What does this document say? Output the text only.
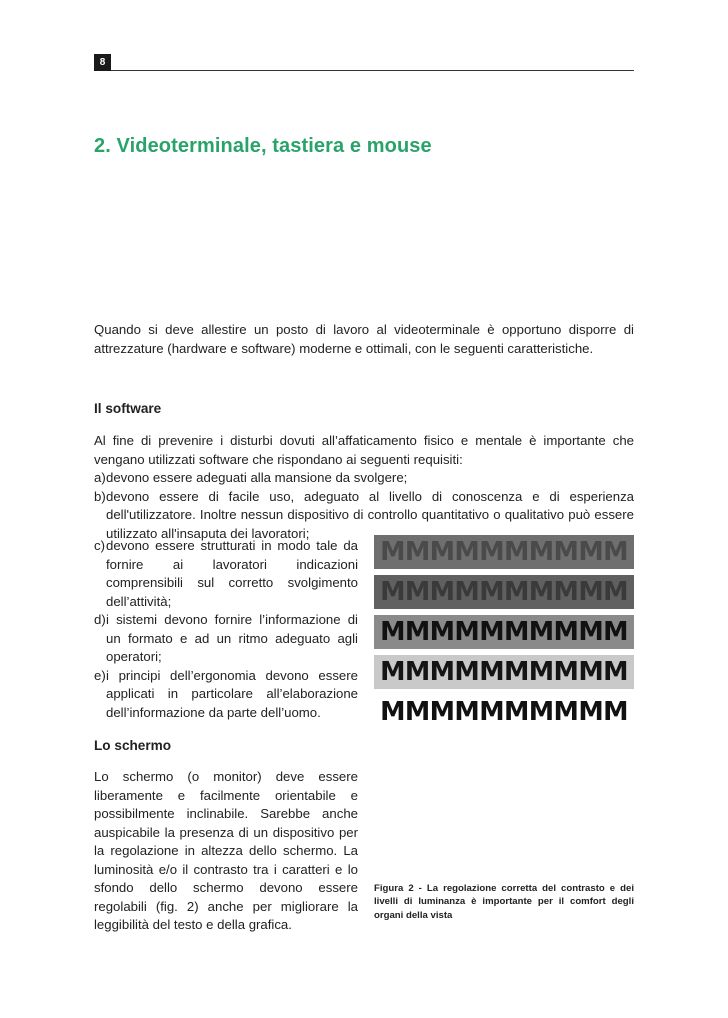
8
2. Videoterminale, tastiera e mouse

Quando si deve allestire un posto di lavoro al videoterminale è opportuno disporre di attrezzature (hardware e software) moderne e ottimali, con le seguenti caratteristiche.

Il software

Al fine di prevenire i disturbi dovuti all’affaticamento fisico e mentale è importante che vengano utilizzati software che rispondano ai seguenti requisiti:

a) devono essere adeguati alla mansione da svolgere;
b) devono essere di facile uso, adeguato al livello di conoscenza e di esperienza dell'utilizzatore. Inoltre nessun dispositivo di controllo quantitativo o qualitativo può essere utilizzato all'insaputa dei lavoratori;
c) devono essere strutturati in modo tale da fornire ai lavoratori indicazioni comprensibili sul corretto svolgimento dell’attività;
d) i sistemi devono fornire l’informazione di un formato e ad un ritmo adeguato agli operatori;
e) i principi dell’ergonomia devono essere applicati in particolare all’elaborazione dell’informazione da parte dell’uomo.
Lo schermo

Lo schermo (o monitor) deve essere liberamente e facilmente orientabile e possibilmente inclinabile. Sarebbe anche auspicabile la presenza di un dispositivo per la regolazione in altezza dello schermo. La luminosità e/o il contrasto tra i caratteri e lo sfondo dello schermo devono essere regolabili (fig. 2) anche per migliorare la leggibilità del testo e della grafica.

MMMMMMMMMM
MMMMMMMMMM
MMMMMMMMMM
MMMMMMMMMM
MMMMMMMMMM

Figura 2 - La regolazione corretta del contrasto e dei livelli di luminanza è importante per il comfort degli organi della vista
